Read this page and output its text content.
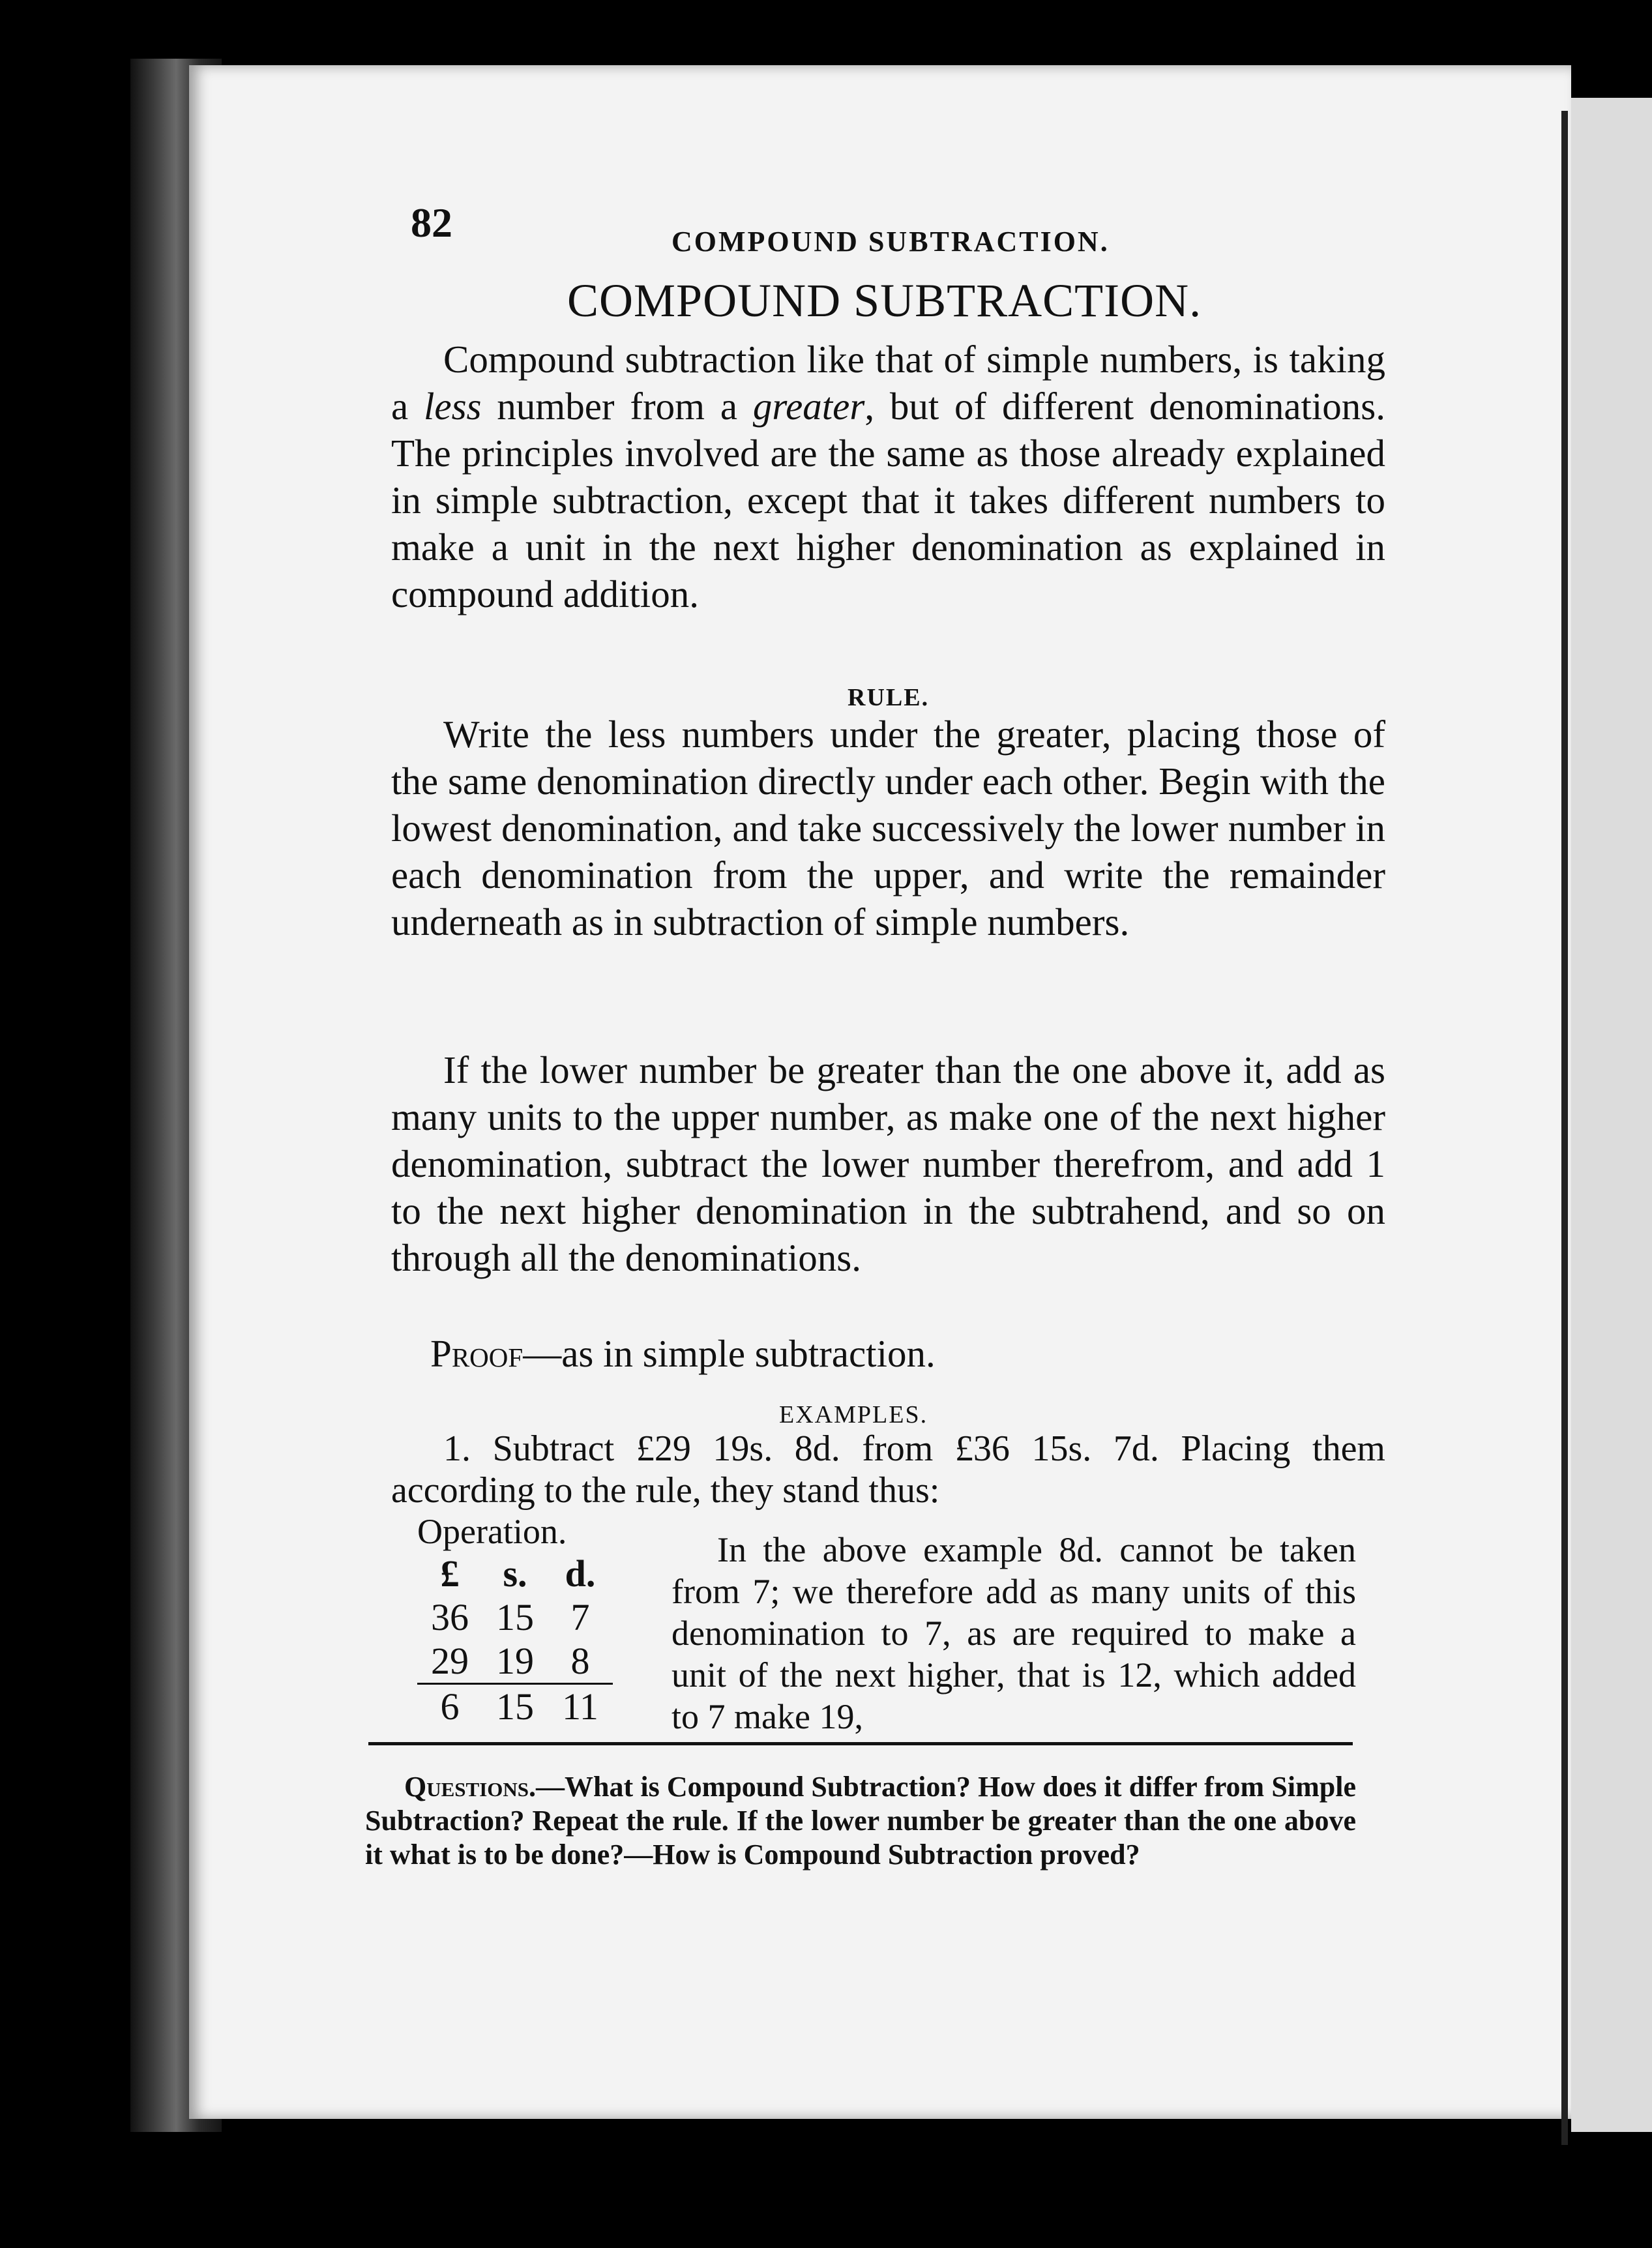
82	COMPOUND SUBTRACTION.
COMPOUND SUBTRACTION.
Compound subtraction like that of simple numbers, is taking a less number from a greater, but of different denominations. The principles involved are the same as those already explained in simple subtraction, except that it takes different numbers to make a unit in the next higher denomination as explained in compound addition.
RULE.
Write the less numbers under the greater, placing those of the same denomination directly under each other. Begin with the lowest denomination, and take successively the lower number in each denomination from the upper, and write the remainder underneath as in subtraction of simple numbers.
If the lower number be greater than the one above it, add as many units to the upper number, as make one of the next higher denomination, subtract the lower number therefrom, and add 1 to the next higher denomination in the subtrahend, and so on through all the denominations.
Proof—as in simple subtraction.
EXAMPLES.
1. Subtract £29 19s. 8d. from £36 15s. 7d. Placing them according to the rule, they stand thus:
Operation.
£	s.	d.
36	15	7
29	19	8
6	15	11
In the above example 8d. cannot be taken from 7; we therefore add as many units of this denomination to 7, as are required to make a unit of the next higher, that is 12, which added to 7 make 19,
Questions.—What is Compound Subtraction? How does it differ from Simple Subtraction? Repeat the rule. If the lower number be greater than the one above it what is to be done?—How is Compound Subtraction proved?
